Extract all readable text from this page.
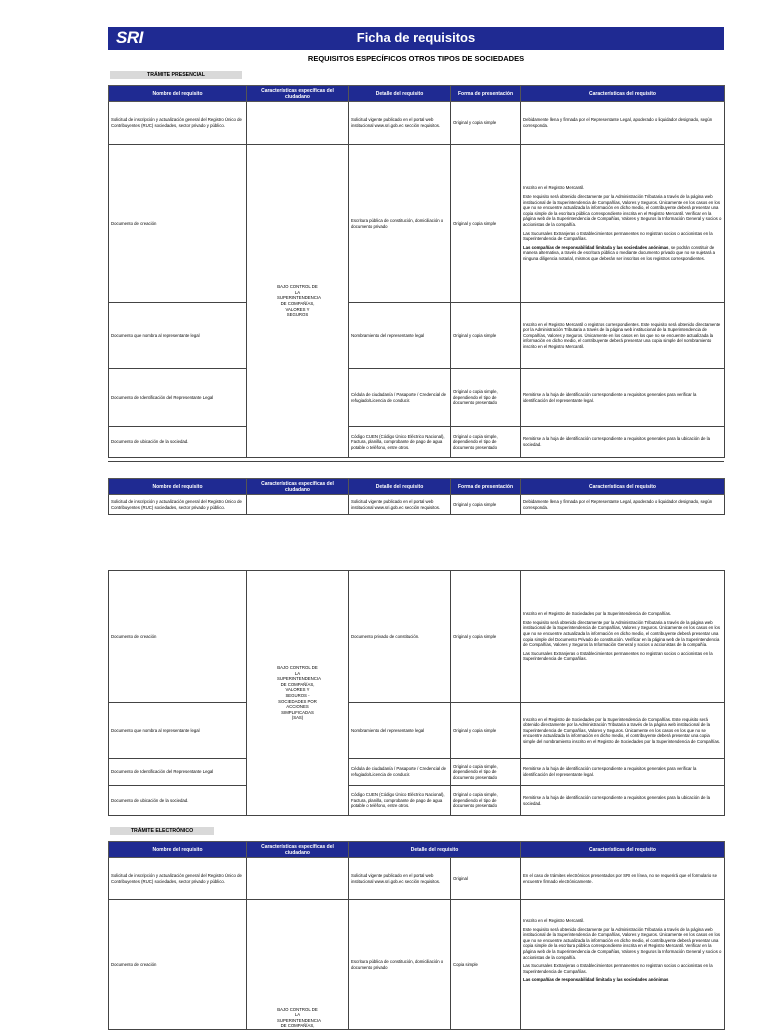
SRI	Ficha de requisitos
REQUISITOS ESPECÍFICOS OTROS TIPOS DE SOCIEDADES
TRÁMITE PRESENCIAL
Nombre del requisito	Características específicas del ciudadano	Detalle del requisito	Forma de presentación	Características del requisito
Solicitud de inscripción y actualización general del Registro Único de Contribuyentes (RUC) sociedades, sector privado y público.		Solicitud vigente publicado en el portal web institucional www.sri.gob.ec sección requisitos.	Original y copia simple	Debidamente llena y firmada por el Representante Legal, apoderado o liquidador designado, según corresponda.
Documento de creación	BAJO CONTROL DE LA SUPERINTENDENCIA DE COMPAÑÍAS, VALORES Y SEGUROS	Escritura pública de constitución, domiciliación o documento privado	Original y copia simple	Inscrito en el Registro Mercantil.
Este requisito será obtenido directamente por la Administración Tributaria a través de la página web institucional de la Superintendencia de Compañías, Valores y Seguros. Únicamente en los casos en los que no se encuentre actualizada la información en dicho medio, el contribuyente deberá presentar una copia simple de la escritura pública correspondiente inscrita en el Registro Mercantil. Verificar en la página web de la Superintendencia de Compañías, Valores y Seguros la Información General y socios o accionistas de la compañía.
Las Sucursales Extranjeras o Establecimientos permanentes no registran socios o accionistas en la Superintendencia de Compañías.
Las compañías de responsabilidad limitada y las sociedades anónimas, se podrán constituir de manera alternativa, a través de escritura pública o mediante documento privado que no se sujetará a ninguna diligencia notarial, mismos que deberán ser inscritos en los registros correspondientes.

Documento que nombra al representante legal		Nombramiento del representante legal	Original y copia simple	Inscrito en el Registro Mercantil o registros correspondientes. Este requisito será obtenido directamente por la Administración Tributaria a través de la página web institucional de la Superintendencia de Compañías, Valores y Seguros. Únicamente en los casos en los que no se encuentre actualizada la información en dicho medio, el contribuyente deberá presentar una copia simple del nombramiento inscrito en el Registro Mercantil.
Documento de Identificación del Representante Legal		Cédula de ciudadanía / Pasaporte / Credencial de refugiado/Licencia de conducir.	Original o copia simple, dependiendo el tipo de documento presentado	Remitirse a la hoja de identificación correspondiente a requisitos generales para verificar la identificación del representante legal.
Documento de ubicación de la sociedad.		Código CUEN (Código Único Eléctrico Nacional), Factura, planilla, comprobante de pago de agua potable o teléfono, entre otros.	Original o copia simple, dependiendo el tipo de documento presentado	Remitirse a la hoja de identificación correspondiente a requisitos generales para la ubicación de la sociedad.
Nombre del requisito	Características específicas del ciudadano	Detalle del requisito	Forma de presentación	Características del requisito
Solicitud de inscripción y actualización general del Registro Único de Contribuyentes (RUC) sociedades, sector privado y público.		Solicitud vigente publicado en el portal web institucional www.sri.gob.ec sección requisitos.	Original y copia simple	Debidamente llena y firmada por el Representante Legal, apoderado o liquidador designado, según corresponda.
Documento de creación	BAJO CONTROL DE LA SUPERINTENDENCIA DE COMPAÑÍAS, VALORES Y SEGUROS - SOCIEDADES POR ACCIONES SIMPLIFICADAS (SAS)	Documento privado de constitución.	Original y copia simple	Inscrito en el Registro de Sociedades por la Superintendencia de Compañías.
Este requisito será obtenido directamente por la Administración Tributaria a través de la página web institucional de la Superintendencia de Compañías, Valores y Seguros. Únicamente en los casos en los que no se encuentre actualizada la información en dicho medio, el contribuyente deberá presentar una copia simple del Documento Privado de constitución. Verificar en la página web de la Superintendencia de Compañías, Valores y Seguros la Información General y socios o accionistas de la compañía.
Las Sucursales Extranjeras o Establecimientos permanentes no registran socios o accionistas en la Superintendencia de Compañías.

Documento que nombra al representante legal		Nombramiento del representante legal	Original y copia simple	Inscrito en el Registro de Sociedades por la Superintendencia de Compañías. Este requisito será obtenido directamente por la Administración Tributaria a través de la página web institucional de la Superintendencia de Compañías, Valores y Seguros. Únicamente en los casos en los que no se encuentre actualizada la información en dicho medio, el contribuyente deberá presentar una copia simple del nombramiento inscrito en el Registro de Sociedades por la Superintendencia de Compañías.
Documento de Identificación del Representante Legal		Cédula de ciudadanía / Pasaporte / Credencial de refugiado/Licencia de conducir.	Original o copia simple, dependiendo el tipo de documento presentado	Remitirse a la hoja de identificación correspondiente a requisitos generales para verificar la identificación del representante legal.
Documento de ubicación de la sociedad.		Código CUEN (Código Único Eléctrico Nacional), Factura, planilla, comprobante de pago de agua potable o teléfono, entre otros.	Original o copia simple, dependiendo el tipo de documento presentado	Remitirse a la hoja de identificación correspondiente a requisitos generales para la ubicación de la sociedad.
TRÁMITE ELECTRÓNICO
Nombre del requisito	Características específicas del ciudadano	Detalle del requisito		Características del requisito
Solicitud de inscripción y actualización general del Registro Único de Contribuyentes (RUC) sociedades, sector privado y público.		Solicitud vigente publicado en el portal web institucional www.sri.gob.ec sección requisitos.	Original	En el caso de trámites electrónicos presentados por SRI en línea, no se requerirá que el formulario se encuentre firmado electrónicamente.
Documento de creación	BAJO CONTROL DE LA SUPERINTENDENCIA DE COMPAÑÍAS,	Escritura pública de constitución, domiciliación o documento privado	Copia simple	Inscrito en el Registro Mercantil.
Este requisito será obtenido directamente por la Administración Tributaria a través de la página web institucional de la Superintendencia de Compañías, Valores y Seguros. Únicamente en los casos en los que no se encuentre actualizada la información en dicho medio, el contribuyente deberá presentar una copia simple de la escritura pública correspondiente inscrita en el Registro Mercantil. Verificar en la página web de la Superintendencia de Compañías, Valores y Seguros la Información General y socios o accionistas de la compañía.
Las Sucursales Extranjeras o Establecimientos permanentes no registran socios o accionistas en la Superintendencia de Compañías.
Las compañías de responsabilidad limitada y las sociedades anónimas
